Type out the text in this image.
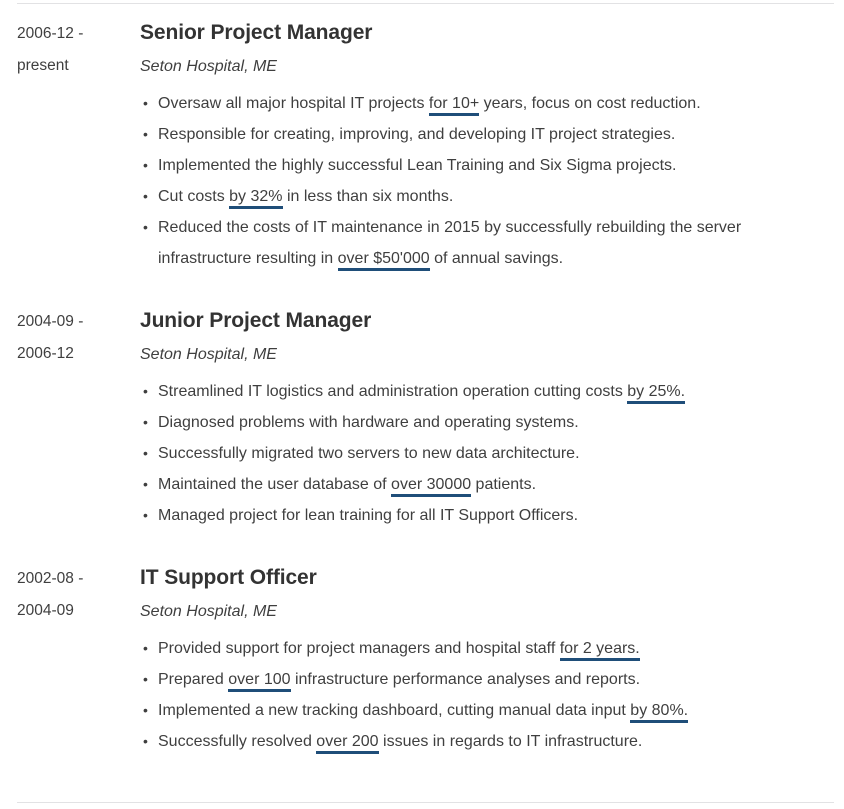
2006-12 -
present
Senior Project Manager
Seton Hospital, ME
• Oversaw all major hospital IT projects for 10+ years, focus on cost reduction.
• Responsible for creating, improving, and developing IT project strategies.
• Implemented the highly successful Lean Training and Six Sigma projects.
• Cut costs by 32% in less than six months.
• Reduced the costs of IT maintenance in 2015 by successfully rebuilding the server infrastructure resulting in over $50'000 of annual savings.
2004-09 -
2006-12
Junior Project Manager
Seton Hospital, ME
• Streamlined IT logistics and administration operation cutting costs by 25%.
• Diagnosed problems with hardware and operating systems.
• Successfully migrated two servers to new data architecture.
• Maintained the user database of over 30000 patients.
• Managed project for lean training for all IT Support Officers.
2002-08 -
2004-09
IT Support Officer
Seton Hospital, ME
• Provided support for project managers and hospital staff for 2 years.
• Prepared over 100 infrastructure performance analyses and reports.
• Implemented a new tracking dashboard, cutting manual data input by 80%.
• Successfully resolved over 200 issues in regards to IT infrastructure.
